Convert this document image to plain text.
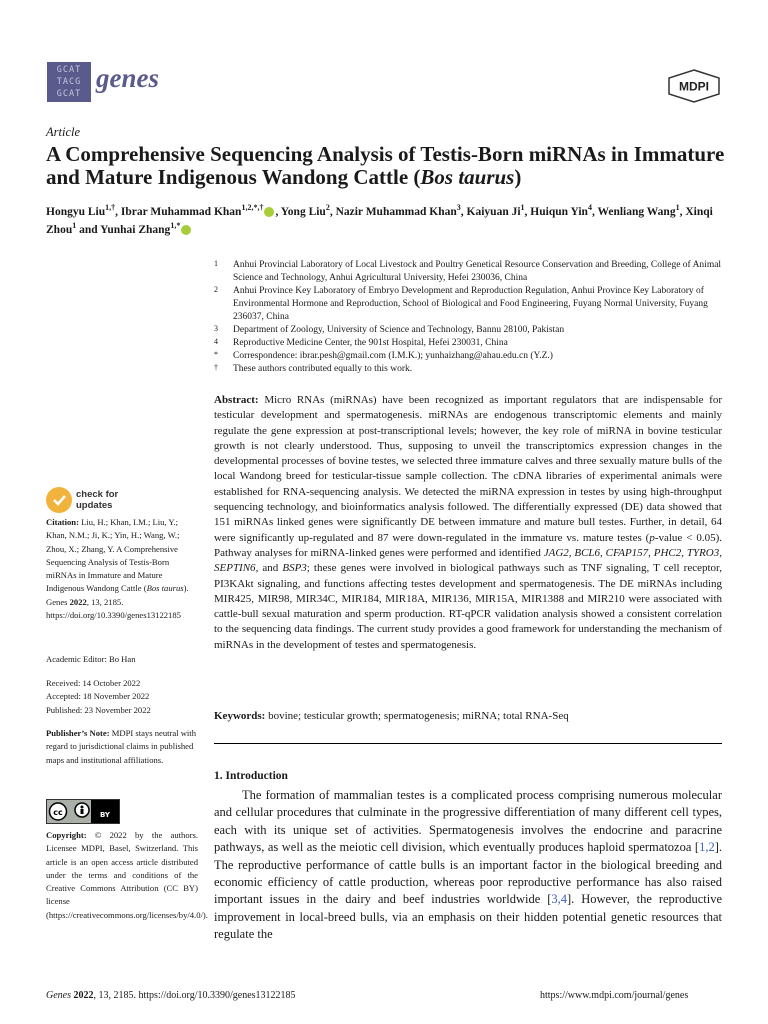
GCAT TACG GCAT
genes	MDPI
Article
A Comprehensive Sequencing Analysis of Testis-Born miRNAs in Immature and Mature Indigenous Wandong Cattle (Bos taurus)
Hongyu Liu$^{1,\dagger}$, Ibrar Muhammad Khan$^{1,2,*,\dagger}$ , Yong Liu$^2$, Nazir Muhammad Khan$^3$, Kaiyuan Ji$^1$, Huiqun Yin$^4$, Wenliang Wang$^1$, Xinqi Zhou$^1$ and Yunhai Zhang$^{1,*}$
1 Anhui Provincial Laboratory of Local Livestock and Poultry Genetical Resource Conservation and Breeding, College of Animal Science and Technology, Anhui Agricultural University, Hefei 230036, China
2 Anhui Province Key Laboratory of Embryo Development and Reproduction Regulation, Anhui Province Key Laboratory of Environmental Hormone and Reproduction, School of Biological and Food Engineering, Fuyang Normal University, Fuyang 236037, China
3 Department of Zoology, University of Science and Technology, Bannu 28100, Pakistan
4 Reproductive Medicine Center, the 901st Hospital, Hefei 230031, China
* Correspondence: ibrar.pesh@gmail.com (I.M.K.); yunhaizhang@ahau.edu.cn (Y.Z.)
† These authors contributed equally to this work.
Abstract: Micro RNAs (miRNAs) have been recognized as important regulators that are indispensable for testicular development and spermatogenesis. miRNAs are endogenous transcriptomic elements and mainly regulate the gene expression at post-transcriptional levels; however, the key role of miRNA in bovine testicular growth is not clearly understood. Thus, supposing to unveil the transcriptomics expression changes in the developmental processes of bovine testes, we selected three immature calves and three sexually mature bulls of the local Wandong breed for testicular-tissue sample collection. The cDNA libraries of experimental animals were established for RNA-sequencing analysis. We detected the miRNA expression in testes by using high-throughput sequencing technology, and bioinformatics analysis followed. The differentially expressed (DE) data showed that 151 miRNAs linked genes were significantly DE between immature and mature bull testes. Further, in detail, 64 were significantly up-regulated and 87 were down-regulated in the immature vs. mature testes (p-value < 0.05). Pathway analyses for miRNA-linked genes were performed and identified JAG2, BCL6, CFAP157, PHC2, TYRO3, SEPTIN6, and BSP3; these genes were involved in biological pathways such as TNF signaling, T cell receptor, PI3KAkt signaling, and functions affecting testes development and spermatogenesis. The DE miRNAs including MIR425, MIR98, MIR34C, MIR184, MIR18A, MIR136, MIR15A, MIR1388 and MIR210 were associated with cattle-bull sexual maturation and sperm production. RT-qPCR validation analysis showed a consistent correlation to the sequencing data findings. The current study provides a good framework for understanding the mechanism of miRNAs in the development of testes and spermatogenesis.
Keywords: bovine; testicular growth; spermatogenesis; miRNA; total RNA-Seq
1. Introduction
The formation of mammalian testes is a complicated process comprising numerous molecular and cellular procedures that culminate in the progressive differentiation of many different cell types, each with its unique set of activities. Spermatogenesis involves the endocrine and paracrine pathways, as well as the meiotic cell division, which eventually produces haploid spermatozoa [1,2]. The reproductive performance of cattle bulls is an important factor in the biological breeding and economic efficiency of cattle production, whereas poor reproductive performance has also raised important issues in the dairy and beef industries worldwide [3,4]. However, the reproductive improvement in local-breed bulls, via an emphasis on their hidden potential genetic resources that regulate the
check for
updates
Citation: Liu, H.; Khan, I.M.; Liu, Y.; Khan, N.M.; Ji, K.; Yin, H.; Wang, W.; Zhou, X.; Zhang, Y. A Comprehensive Sequencing Analysis of Testis-Born miRNAs in Immature and Mature Indigenous Wandong Cattle (Bos taurus). Genes 2022, 13, 2185. https://doi.org/10.3390/genes13122185
Academic Editor: Bo Han
Received: 14 October 2022
Accepted: 18 November 2022
Published: 23 November 2022
Publisher’s Note: MDPI stays neutral with regard to jurisdictional claims in published maps and institutional affiliations.
cc	BY
Copyright: © 2022 by the authors. Licensee MDPI, Basel, Switzerland. This article is an open access article distributed under the terms and conditions of the Creative Commons Attribution (CC BY) license (https://creativecommons.org/licenses/by/4.0/).
Genes 2022, 13, 2185. https://doi.org/10.3390/genes13122185	https://www.mdpi.com/journal/genes
